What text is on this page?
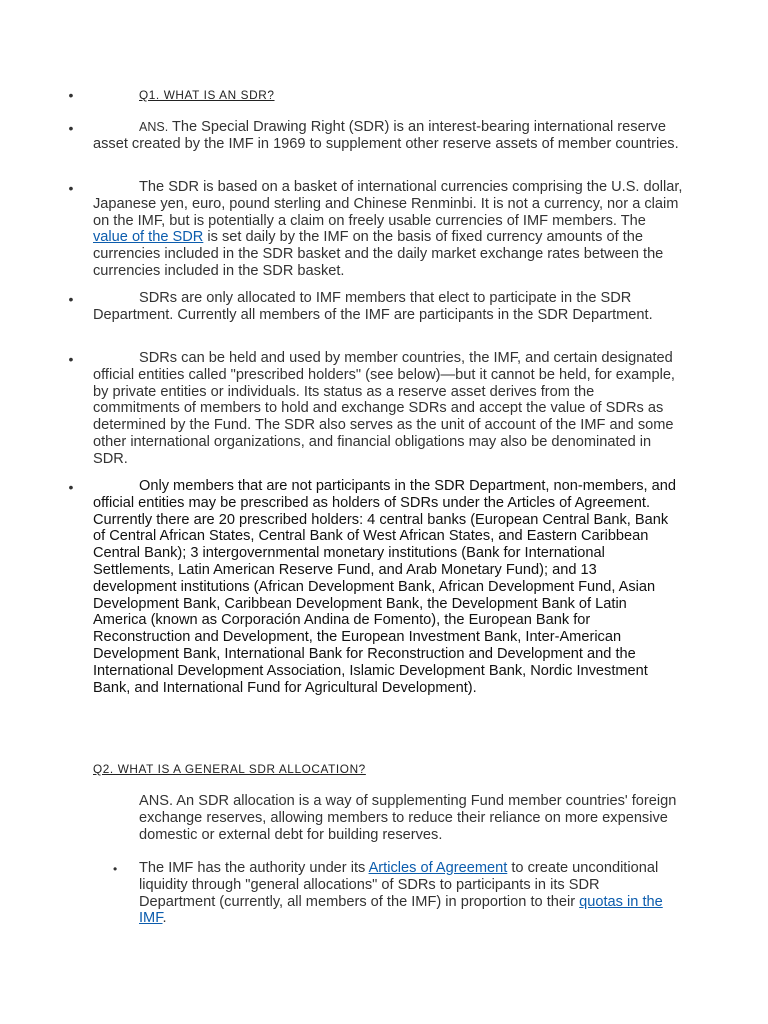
•	Q1. WHAT IS AN SDR?

•	ANS. The Special Drawing Right (SDR) is an interest-bearing international reserve asset created by the IMF in 1969 to supplement other reserve assets of member countries.

•	The SDR is based on a basket of international currencies comprising the U.S. dollar, Japanese yen, euro, pound sterling and Chinese Renminbi. It is not a currency, nor a claim on the IMF, but is potentially a claim on freely usable currencies of IMF members. The value of the SDR is set daily by the IMF on the basis of fixed currency amounts of the currencies included in the SDR basket and the daily market exchange rates between the currencies included in the SDR basket.

•	SDRs are only allocated to IMF members that elect to participate in the SDR Department. Currently all members of the IMF are participants in the SDR Department.

•	SDRs can be held and used by member countries, the IMF, and certain designated official entities called "prescribed holders" (see below)—but it cannot be held, for example, by private entities or individuals. Its status as a reserve asset derives from the commitments of members to hold and exchange SDRs and accept the value of SDRs as determined by the Fund. The SDR also serves as the unit of account of the IMF and some other international organizations, and financial obligations may also be denominated in SDR.

•	Only members that are not participants in the SDR Department, non-members, and official entities may be prescribed as holders of SDRs under the Articles of Agreement. Currently there are 20 prescribed holders: 4 central banks (European Central Bank, Bank of Central African States, Central Bank of West African States, and Eastern Caribbean Central Bank); 3 intergovernmental monetary institutions (Bank for International Settlements, Latin American Reserve Fund, and Arab Monetary Fund); and 13 development institutions (African Development Bank, African Development Fund, Asian Development Bank, Caribbean Development Bank, the Development Bank of Latin America (known as Corporación Andina de Fomento), the European Bank for Reconstruction and Development, the European Investment Bank, Inter-American Development Bank, International Bank for Reconstruction and Development and the International Development Association, Islamic Development Bank, Nordic Investment Bank, and International Fund for Agricultural Development).

Q2. WHAT IS A GENERAL SDR ALLOCATION?

ANS. An SDR allocation is a way of supplementing Fund member countries' foreign exchange reserves, allowing members to reduce their reliance on more expensive domestic or external debt for building reserves.

• The IMF has the authority under its Articles of Agreement to create unconditional liquidity through "general allocations" of SDRs to participants in its SDR Department (currently, all members of the IMF) in proportion to their quotas in the IMF.
